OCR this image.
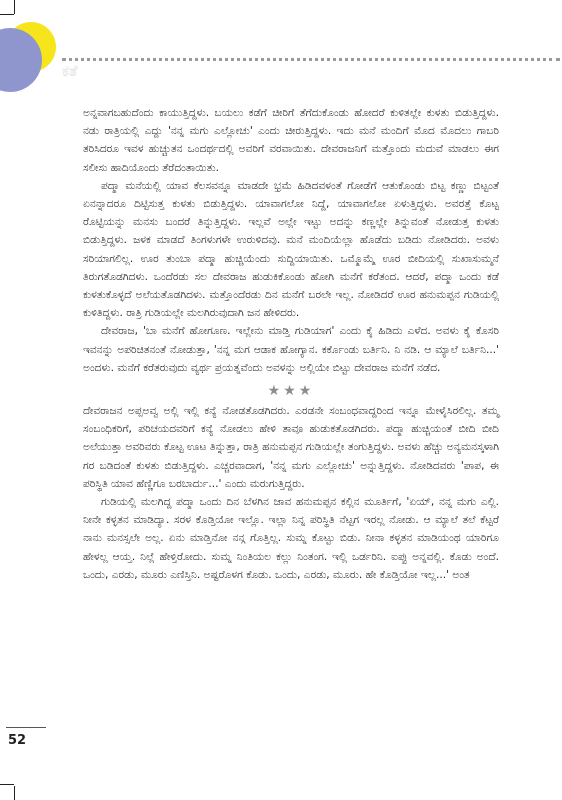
ಕತೆ

ಅನ್ನವಾಗಬಹುದೆಂದು ಕಾಯುತ್ತಿದ್ದಳು. ಬಯಲು ಕಡೆಗೆ ಚೀರಿಗೆ ತೆಗೆದುಕೊಂಡು ಹೋದರೆ ಕುಳಿತಲ್ಲೇ ಕುಳತು ಬಿಡುತ್ತಿದ್ದಳು. ನಡು ರಾತ್ರಿಯಲ್ಲಿ ಎದ್ದು 'ನನ್ನ ಮಗು ಎಲ್ಲೋಚು' ಎಂದು ಚೀರುತ್ತಿದ್ದಳು. ಇದು ಮನೆ ಮಂದಿಗೆ ಮೊದ ಮೊದಲು ಗಾಬರಿ ತರಿಸಿದರೂ ಇವಳ ಹುಚ್ಚುತನ ಒಂದರ್ಥದಲ್ಲಿ ಅವರಿಗೆ ವರವಾಯಿತು. ದೇವರಾಜನಿಗೆ ಮತ್ತೊಂದು ಮದುವೆ ಮಾಡಲು ಈಗ ಸಲೀಸು ಹಾದಿಯೊಂದು ತೆರೆದಂತಾಯಿತು.

ಪದ್ಮಾ ಮನೆಯಲ್ಲಿ ಯಾವ ಕೆಲಸವನ್ನೂ ಮಾಡದೇ ಭ್ರಮೆ ಹಿಡಿದವಳಂತೆ ಗೋಡೆಗೆ ಆತುಕೊಂಡು ಬಿಟ್ಟ ಕಣ್ಣು ಬಿಟ್ಟಂತೆ ಏನನ್ನಾದರೂ ದಿಟ್ಟಿಸುತ್ತ ಕುಳತು ಬಿಡುತ್ತಿದ್ದಳು. ಯಾವಾಗಲೋ ನಿದ್ದೆ, ಯಾವಾಗಲೋ ಏಳುತ್ತಿದ್ದಳು. ಅವರತ್ತೆ ಕೊಟ್ಟ ರೊಟ್ಟಿಯನ್ನು ಮನಸು ಬಂದರೆ ತಿನ್ನುತ್ತಿದ್ದಳು. ಇಲ್ಲವೆ ಅಲ್ಲೇ ಇಟ್ಟು ಅದನ್ನು ಕಣ್ಣಲ್ಲೇ ತಿನ್ನುವಂತೆ ನೋಡುತ್ತ ಕುಳತು ಬಿಡುತ್ತಿದ್ದಳು. ಜಳಕ ಮಾಡದೆ ತಿಂಗಳುಗಳೇ ಉರುಳಿದವು. ಮನೆ ಮಂದಿಯೆಲ್ಲಾ ಹೊಡೆದು ಬಡಿದು ನೋಡಿದರು. ಅವಳು ಸರಿಯಾಗಲಿಲ್ಲ. ಊರ ತುಂಬಾ ಪದ್ಮಾ ಹುಚ್ಚಿಯೆಂದು ಸುದ್ದಿಯಾಯಿತು. ಒಮ್ಮೊಮ್ಮೆ ಊರ ಬೀದಿಯಲ್ಲಿ ಸುಖಾಸುಮ್ಮನೆ ತಿರುಗತೊಡಗಿದಳು. ಒಂದೆರಡು ಸಲ ದೇವರಾಜ ಹುಡುಕಿಕೊಂಡು ಹೋಗಿ ಮನೆಗೆ ಕರೆತಂದ. ಆದರೆ, ಪದ್ಮಾ ಒಂದು ಕಡೆ ಕುಳತುಕೊಳ್ಳದೆ ಅಲೆಯತೊಡಗಿದಳು. ಮತ್ತೊಂದೆರಡು ದಿನ ಮನೆಗೆ ಬರಲೇ ಇಲ್ಲ. ನೋಡಿದರೆ ಊರ ಹನುಮಪ್ಪನ ಗುಡಿಯಲ್ಲಿ ಕುಳಿತಿದ್ದಳು. ರಾತ್ರಿ ಗುಡಿಯಲ್ಲೇ ಮಲಗಿರುವುದಾಗಿ ಜನ ಹೇಳಿದರು.

ದೇವರಾಜ, 'ಬಾ ಮನೆಗೆ ಹೋಗೂಣ. ಇಲ್ಲೇನು ಮಾಡ್ತಿ ಗುಡಿಯಾಗ' ಎಂದು ಕೈ ಹಿಡಿದು ಎಳೆದ. ಅವಳು ಕೈ ಕೊಸರಿ ಇವನನ್ನು ಅಪರಿಚಿತನಂತೆ ನೋಡುತ್ತಾ, 'ನನ್ನ ಮಗ ಆಡಾಕ ಹೋಗ್ಯಾನ. ಕರ್ಕೊಂಡು ಬರ್ತಿನಿ. ನಿ ನಡಿ. ಆ ಮ್ಯಾಲೆ ಬರ್ತಿನಿ...' ಅಂದಳು. ಮನೆಗೆ ಕರೆತರುವುದು ವ್ಯರ್ಥ ಪ್ರಯತ್ನವೆಂದು ಅವಳನ್ನು ಅಲ್ಲಿಯೇ ಬಿಟ್ಟು ದೇವರಾಜ ಮನೆಗೆ ನಡೆದ.

★★★

ದೇವರಾಜನ ಅಪ್ಪಅವ್ವ ಅಲ್ಲಿ ಇಲ್ಲಿ ಕನ್ಯೆ ನೋಡತೊಡಗಿದರು. ಎರಡನೇ ಸಂಬಂಧವಾದ್ದರಿಂದ ಇನ್ನೂ ಮೇಳೈಸಿರಲಿಲ್ಲ. ತಮ್ಮ ಸಂಬಂಧಿಕರಿಗೆ, ಪರಿಚಯದವರಿಗೆ ಕನ್ಯೆ ನೋಡಲು ಹೇಳಿ ತಾವೂ ಹುಡುಕತೊಡಗಿದರು. ಪದ್ಮಾ ಹುಚ್ಚಿಯಂತೆ ಬೀದಿ ಬೀದಿ ಅಲೆಯುತ್ತಾ ಅವರಿವರು ಕೊಟ್ಟ ಊಟ ತಿನ್ನುತ್ತಾ, ರಾತ್ರಿ ಹನುಮಪ್ಪನ ಗುಡಿಯಲ್ಲೇ ತಂಗುತ್ತಿದ್ದಳು. ಅವಳು ಹೆಚ್ಚು ಅನ್ಯಮನಸ್ಕಳಾಗಿ ಗರ ಬಡಿದಂತೆ ಕುಳತು ಬಿಡುತ್ತಿದ್ದಳು. ಎಚ್ಚರವಾದಾಗ, 'ನನ್ನ ಮಗು ಎಲ್ಲೋಚು' ಅನ್ನುತ್ತಿದ್ದಳು. ನೋಡಿದವರು 'ಪಾಪ, ಈ ಪರಿಸ್ಥಿತಿ ಯಾವ ಹೆಣ್ಣಿಗೂ ಬರಬಾರ್ದು...' ಎಂದು ಮರುಗುತ್ತಿದ್ದರು.

ಗುಡಿಯಲ್ಲಿ ಮಲಗಿದ್ದ ಪದ್ಮಾ ಒಂದು ದಿನ ಬೆಳಗಿನ ಜಾವ ಹನುಮಪ್ಪನ ಕಲ್ಲಿನ ಮೂರ್ತಿಗೆ, 'ಏಯ್, ನನ್ನ ಮಗು ಎಲ್ಲಿ. ನೀನೇ ಕಳ್ಳತನ ಮಾಡಿದ್ಯಾ. ಸರಳ ಕೊಡ್ತಿಯೋ ಇಲ್ಲೊ. ಇಲ್ಲಾ ನಿನ್ನ ಪರಿಸ್ಥಿತಿ ನೆಟ್ಟಗ ಇರಲ್ಲ ನೋಡು. ಆ ಮ್ಯಾಲೆ ತಲೆ ಕೆಟ್ಟರೆ ನಾನು ಮನಸ್ಸಲೇ ಅಲ್ಲ. ಏನು ಮಾಡ್ತಿನೋ ನನ್ಗ ಗೊತ್ತಿಲ್ಲ. ಸುಮ್ನ ಕೊಟ್ಟು ಬಿಡು. ನೀನಾ ಕಳ್ಳತನ ಮಾಡಿಯಂಥ ಯಾರಿಗೂ ಹೇಳಲ್ಲ ಆಯ್ತ. ನಿಲ್ಲೆ ಹೇಳ್ತಿರೋದು. ಸುಮ್ನ ನಿಂತಿಯಲ ಕಲ್ಲು ನಿಂತಂಗ. ಇಲ್ಲಿ ಒರ್ಡರಿನಿ. ಐಪ್ಪು ಅನ್ನವಲ್ಲಿ. ಕೊಡು ಅಂದೆ. ಒಂದು, ಎರಡು, ಮೂರು ಎಣಿಸ್ತಿನಿ. ಅಷ್ಟರೊಳಗ ಕೊಡು. ಒಂದು, ಎರಡು, ಮೂರು. ಹೇ ಕೊಡ್ತಿಯೋ ಇಲ್ಲ...' ಅಂತ

52
